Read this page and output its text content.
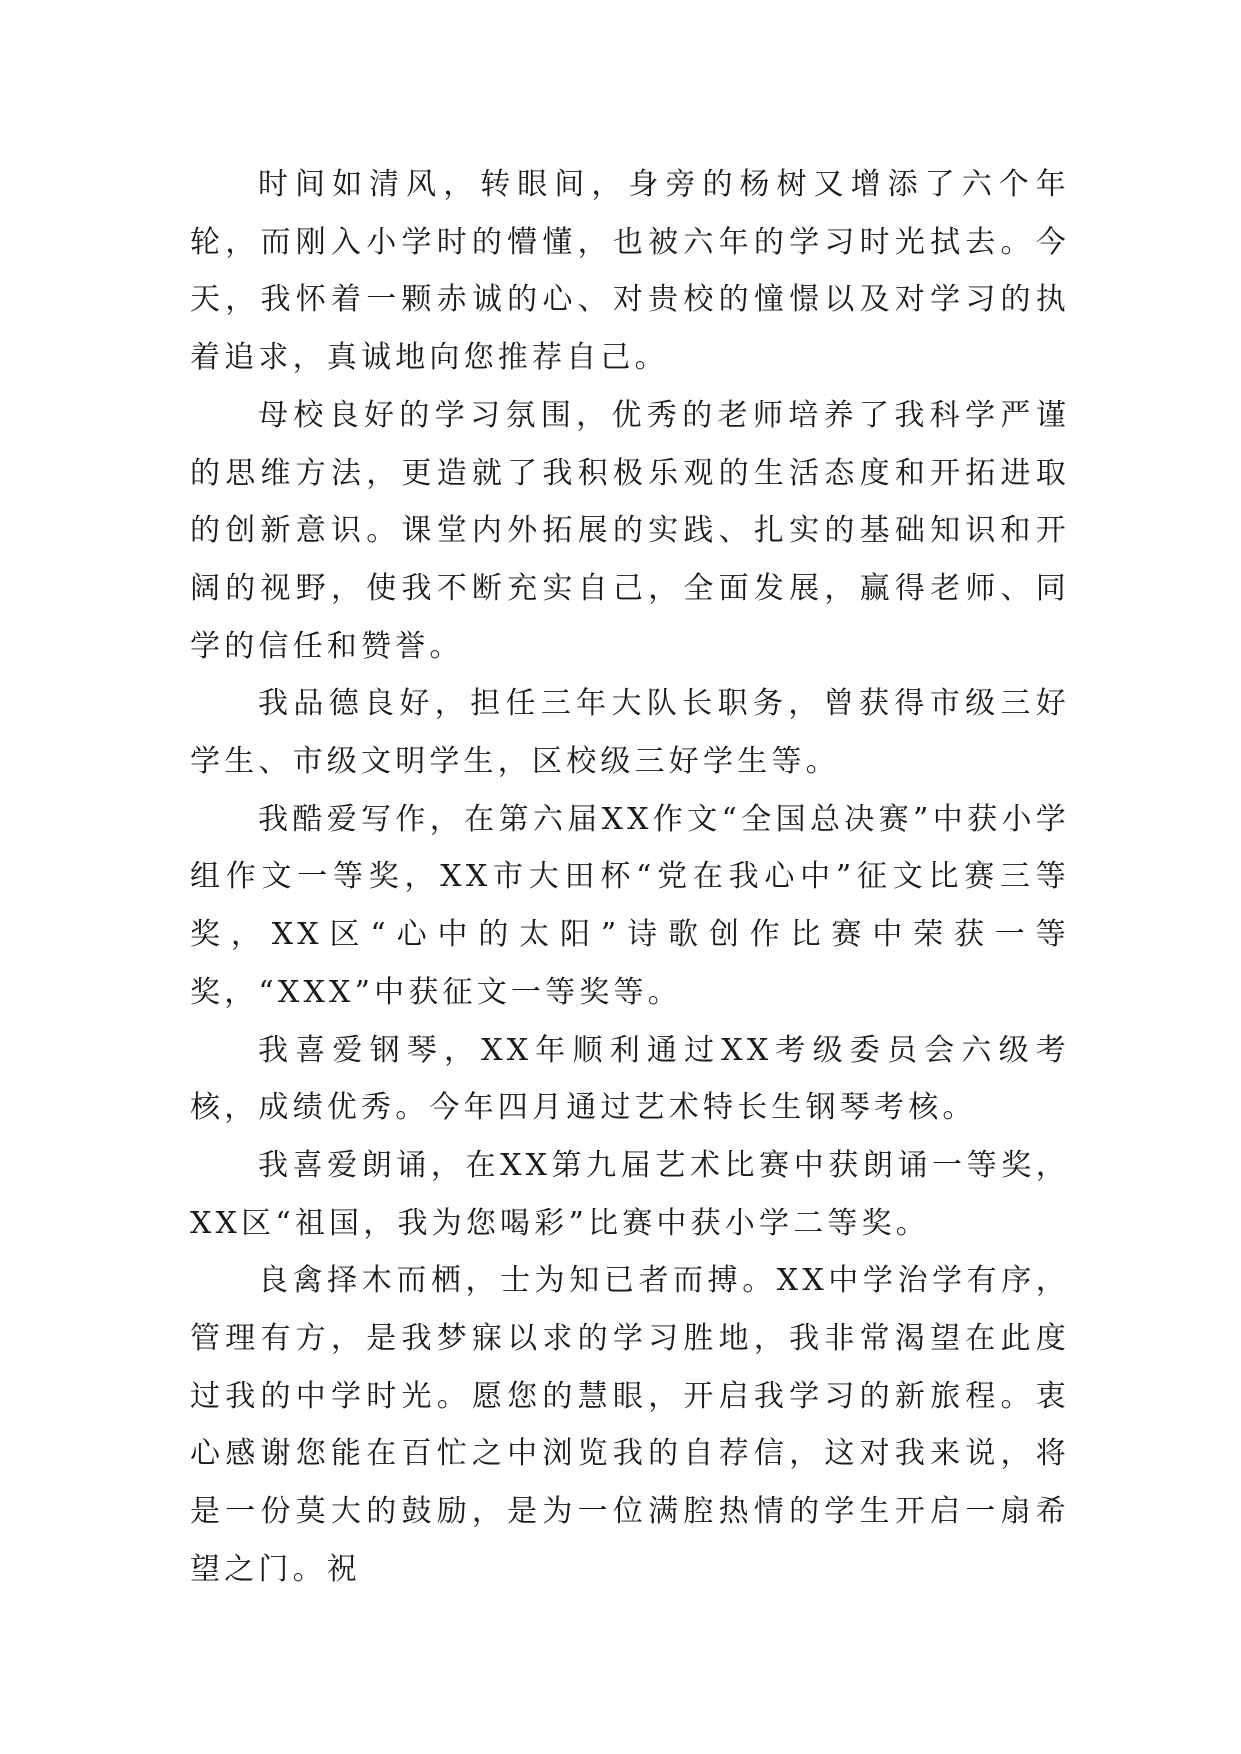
时间如清风，转眼间，身旁的杨树又增添了六个年轮，而刚入小学时的懵懂，也被六年的学习时光拭去。今天，我怀着一颗赤诚的心、对贵校的憧憬以及对学习的执着追求，真诚地向您推荐自己。

母校良好的学习氛围，优秀的老师培养了我科学严谨的思维方法，更造就了我积极乐观的生活态度和开拓进取的创新意识。课堂内外拓展的实践、扎实的基础知识和开阔的视野，使我不断充实自己，全面发展，赢得老师、同学的信任和赞誉。

我品德良好，担任三年大队长职务，曾获得市级三好学生、市级文明学生，区校级三好学生等。

我酷爱写作，在第六届XX作文“全国总决赛”中获小学组作文一等奖，XX市大田杯“党在我心中”征文比赛三等奖，XX区“心中的太阳”诗歌创作比赛中荣获一等奖，“XXX”中获征文一等奖等。

我喜爱钢琴，XX年顺利通过XX考级委员会六级考核，成绩优秀。今年四月通过艺术特长生钢琴考核。

我喜爱朗诵，在XX第九届艺术比赛中获朗诵一等奖，XX区“祖国，我为您喝彩”比赛中获小学二等奖。

良禽择木而栖，士为知已者而搏。XX中学治学有序，管理有方，是我梦寐以求的学习胜地，我非常渴望在此度过我的中学时光。愿您的慧眼，开启我学习的新旅程。衷心感谢您能在百忙之中浏览我的自荐信，这对我来说，将是一份莫大的鼓励，是为一位满腔热情的学生开启一扇希望之门。祝
